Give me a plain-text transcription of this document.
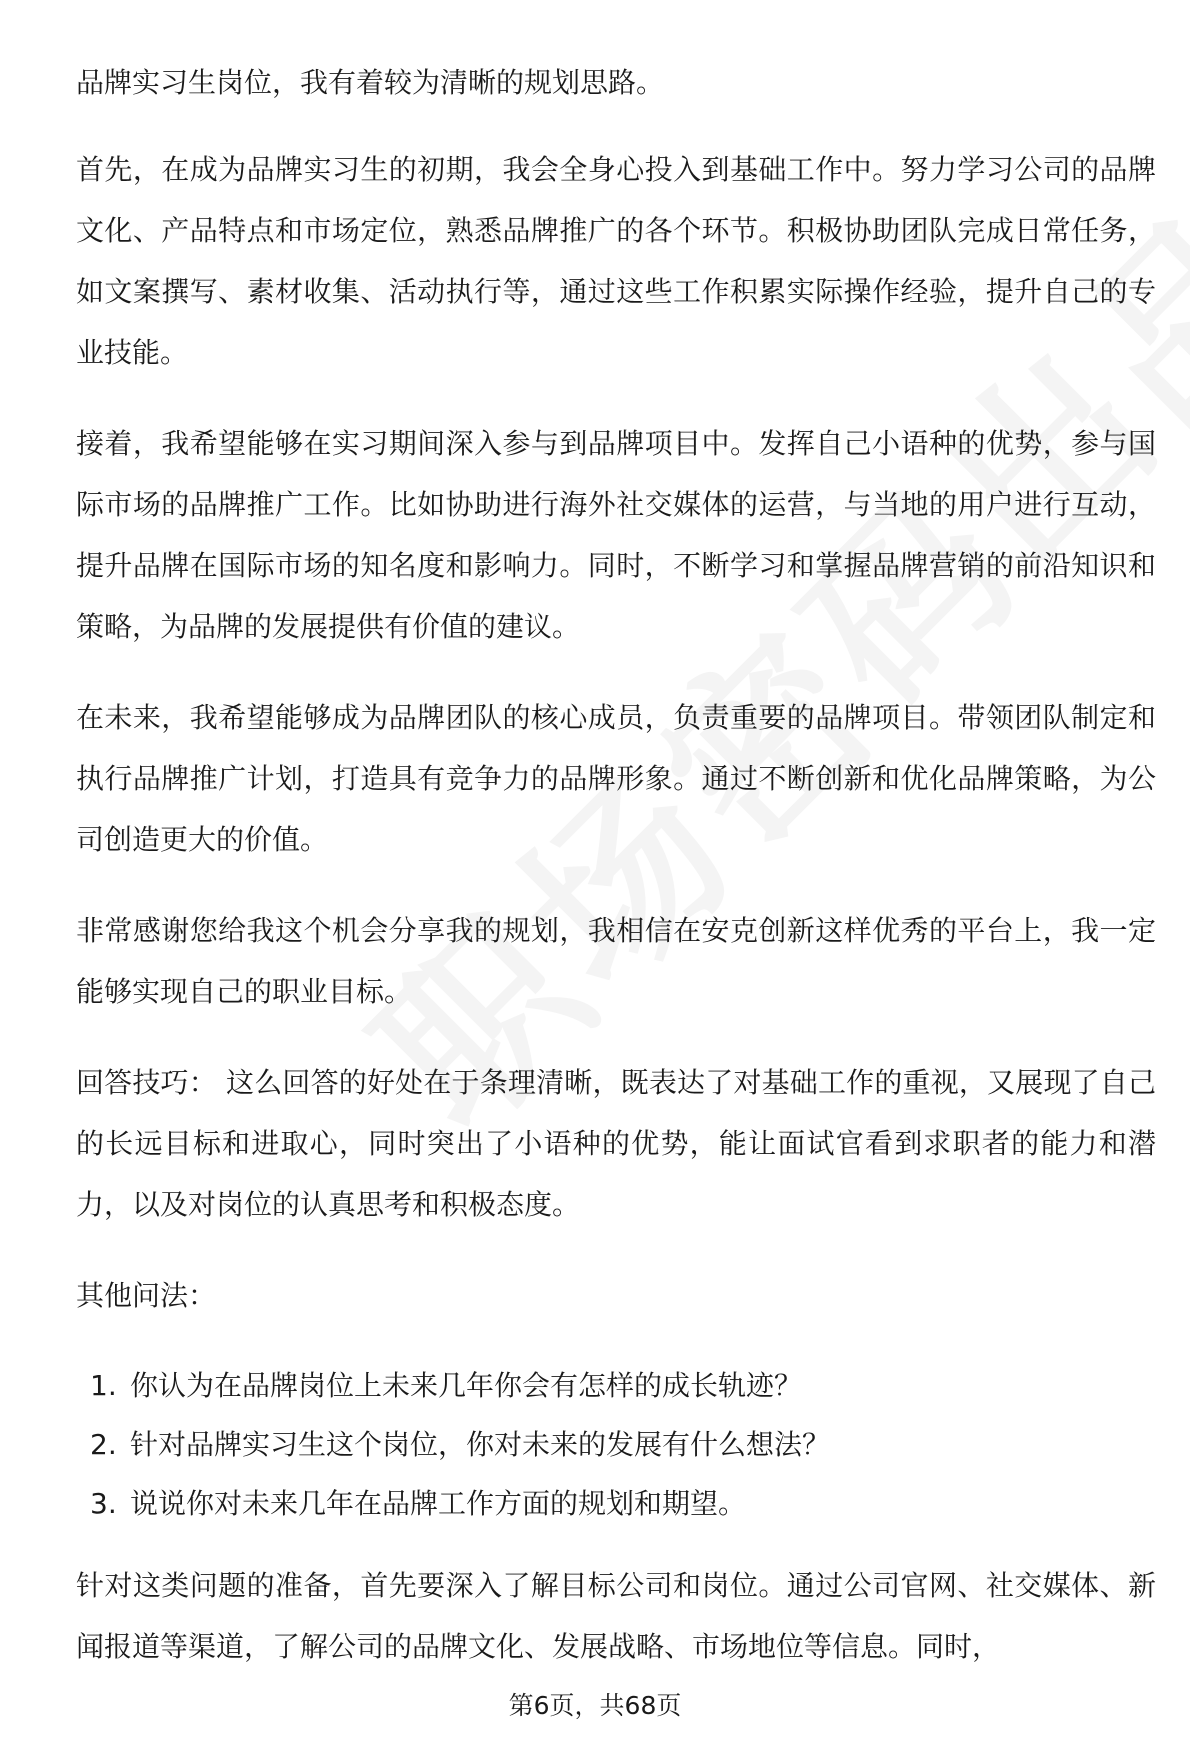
品牌实习生岗位，我有着较为清晰的规划思路。

首先，在成为品牌实习生的初期，我会全身心投入到基础工作中。努力学习公司的品牌文化、产品特点和市场定位，熟悉品牌推广的各个环节。积极协助团队完成日常任务，如文案撰写、素材收集、活动执行等，通过这些工作积累实际操作经验，提升自己的专业技能。

接着，我希望能够在实习期间深入参与到品牌项目中。发挥自己小语种的优势，参与国际市场的品牌推广工作。比如协助进行海外社交媒体的运营，与当地的用户进行互动，提升品牌在国际市场的知名度和影响力。同时，不断学习和掌握品牌营销的前沿知识和策略，为品牌的发展提供有价值的建议。

在未来，我希望能够成为品牌团队的核心成员，负责重要的品牌项目。带领团队制定和执行品牌推广计划，打造具有竞争力的品牌形象。通过不断创新和优化品牌策略，为公司创造更大的价值。

非常感谢您给我这个机会分享我的规划，我相信在安克创新这样优秀的平台上，我一定能够实现自己的职业目标。

回答技巧： 这么回答的好处在于条理清晰，既表达了对基础工作的重视，又展现了自己的长远目标和进取心，同时突出了小语种的优势，能让面试官看到求职者的能力和潜力，以及对岗位的认真思考和积极态度。

其他问法：

1. 你认为在品牌岗位上未来几年你会有怎样的成长轨迹？
2. 针对品牌实习生这个岗位，你对未来的发展有什么想法？
3. 说说你对未来几年在品牌工作方面的规划和期望。

针对这类问题的准备，首先要深入了解目标公司和岗位。通过公司官网、社交媒体、新闻报道等渠道，了解公司的品牌文化、发展战略、市场地位等信息。同时，

第6页，共68页
